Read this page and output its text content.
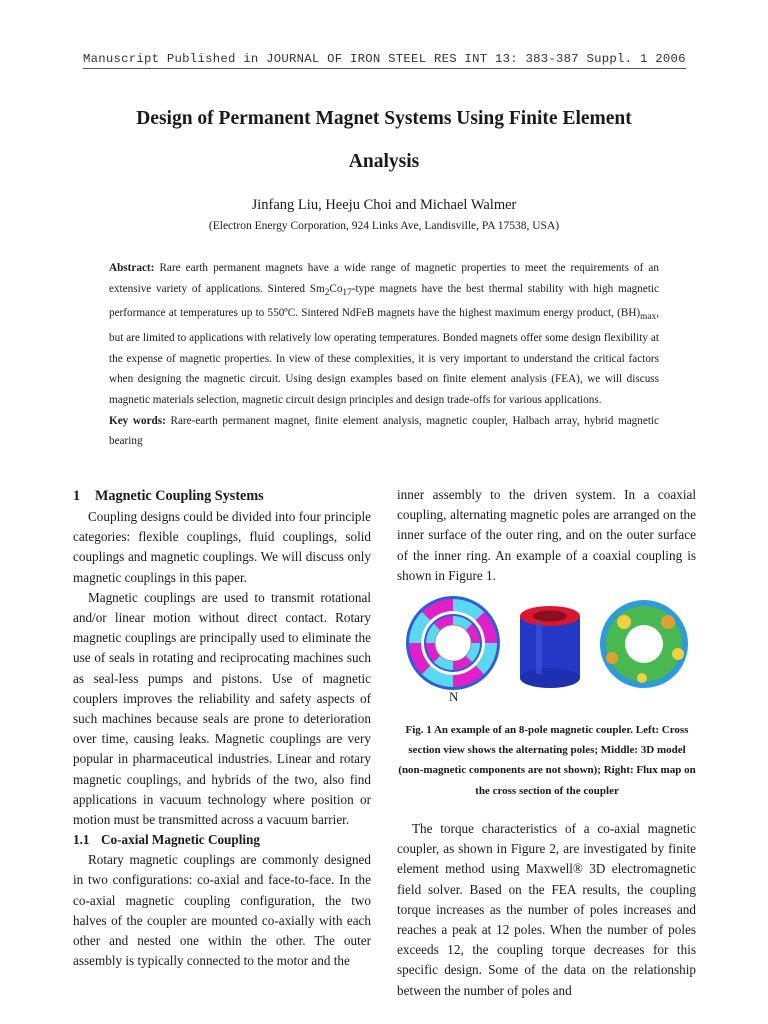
Manuscript Published in JOURNAL OF IRON STEEL RES INT 13: 383-387 Suppl. 1 2006
Design of Permanent Magnet Systems Using Finite Element
Analysis
Jinfang Liu, Heeju Choi and Michael Walmer
(Electron Energy Corporation, 924 Links Ave, Landisville, PA 17538, USA)

Abstract: Rare earth permanent magnets have a wide range of magnetic properties to meet the requirements of an extensive variety of applications. Sintered $Sm_2Co_{17}$-type magnets have the best thermal stability with high magnetic performance at temperatures up to 550ºC. Sintered NdFeB magnets have the highest maximum energy product, $(BH)_{max}$, but are limited to applications with relatively low operating temperatures. Bonded magnets offer some design flexibility at the expense of magnetic properties. In view of these complexities, it is very important to understand the critical factors when designing the magnetic circuit. Using design examples based on finite element analysis (FEA), we will discuss magnetic materials selection, magnetic circuit design principles and design trade-offs for various applications.

Key words: Rare-earth permanent magnet, finite element analysis, magnetic coupler, Halbach array, hybrid magnetic bearing

1 Magnetic Coupling Systems

Coupling designs could be divided into four principle categories: flexible couplings, fluid couplings, solid couplings and magnetic couplings. We will discuss only magnetic couplings in this paper.

Magnetic couplings are used to transmit rotational and/or linear motion without direct contact. Rotary magnetic couplings are principally used to eliminate the use of seals in rotating and reciprocating machines such as seal-less pumps and pistons. Use of magnetic couplers improves the reliability and safety aspects of such machines because seals are prone to deterioration over time, causing leaks. Magnetic couplings are very popular in pharmaceutical industries. Linear and rotary magnetic couplings, and hybrids of the two, also find applications in vacuum technology where position or motion must be transmitted across a vacuum barrier.

1.1 Co-axial Magnetic Coupling

Rotary magnetic couplings are commonly designed in two configurations: co-axial and face-to-face. In the co-axial magnetic coupling configuration, the two halves of the coupler are mounted co-axially with each other and nested one within the other. The outer assembly is typically connected to the motor and the

inner assembly to the driven system. In a coaxial coupling, alternating magnetic poles are arranged on the inner surface of the outer ring, and on the outer surface of the inner ring. An example of a coaxial coupling is shown in Figure 1.

N
Fig. 1 An example of an 8-pole magnetic coupler. Left: Cross section view shows the alternating poles; Middle: 3D model (non-magnetic components are not shown); Right: Flux map on the cross section of the coupler

The torque characteristics of a co-axial magnetic coupler, as shown in Figure 2, are investigated by finite element method using Maxwell® 3D electromagnetic field solver. Based on the FEA results, the coupling torque increases as the number of poles increases and reaches a peak at 12 poles. When the number of poles exceeds 12, the coupling torque decreases for this specific design. Some of the data on the relationship between the number of poles and
